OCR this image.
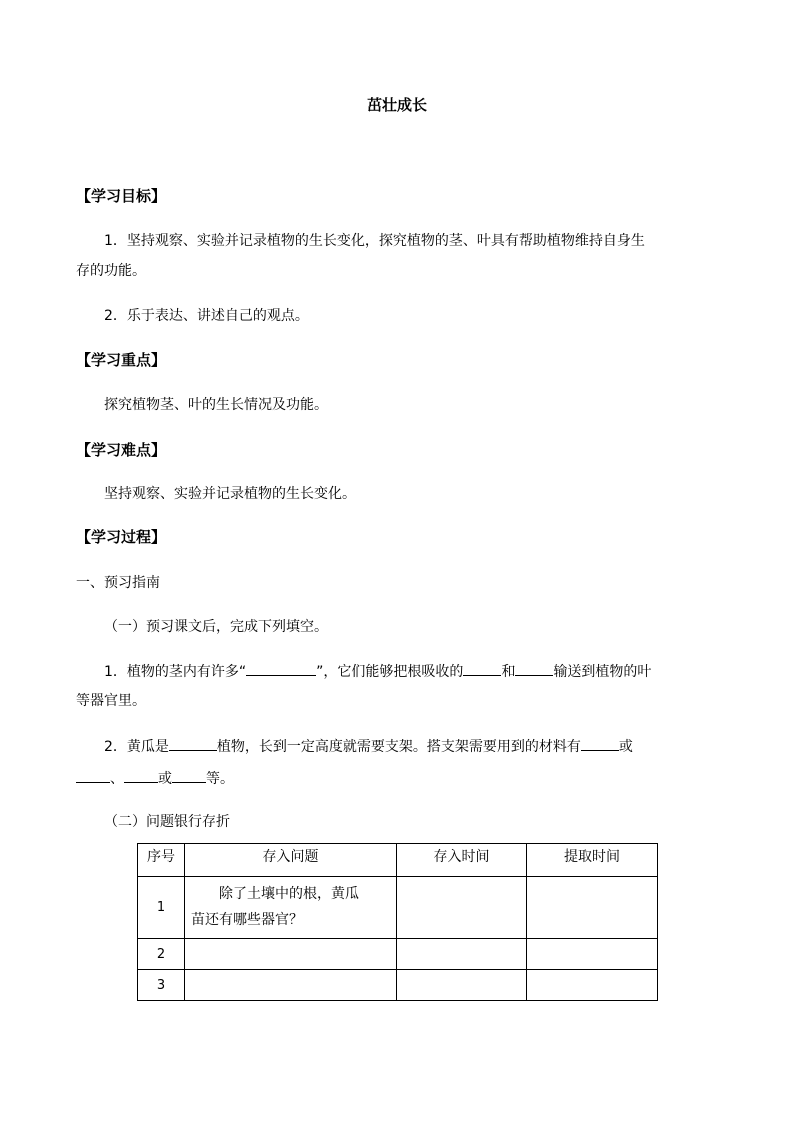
茁壮成长
【学习目标】
1．坚持观察、实验并记录植物的生长变化，探究植物的茎、叶具有帮助植物维持自身生
存的功能。
2．乐于表达、讲述自己的观点。
【学习重点】
探究植物茎、叶的生长情况及功能。
【学习难点】
坚持观察、实验并记录植物的生长变化。
【学习过程】
一、预习指南
（一）预习课文后，完成下列填空。
1．植物的茎内有许多“	”，它们能够把根吸收的	和	输送到植物的叶
等器官里。
2．黄瓜是	植物，长到一定高度就需要支架。搭支架需要用到的材料有	或
、 或 等。
（二）问题银行存折
序号	存入问题	存入时间	提取时间
1	除了土壤中的根，黄瓜
苗还有哪些器官？		

2			
3			
